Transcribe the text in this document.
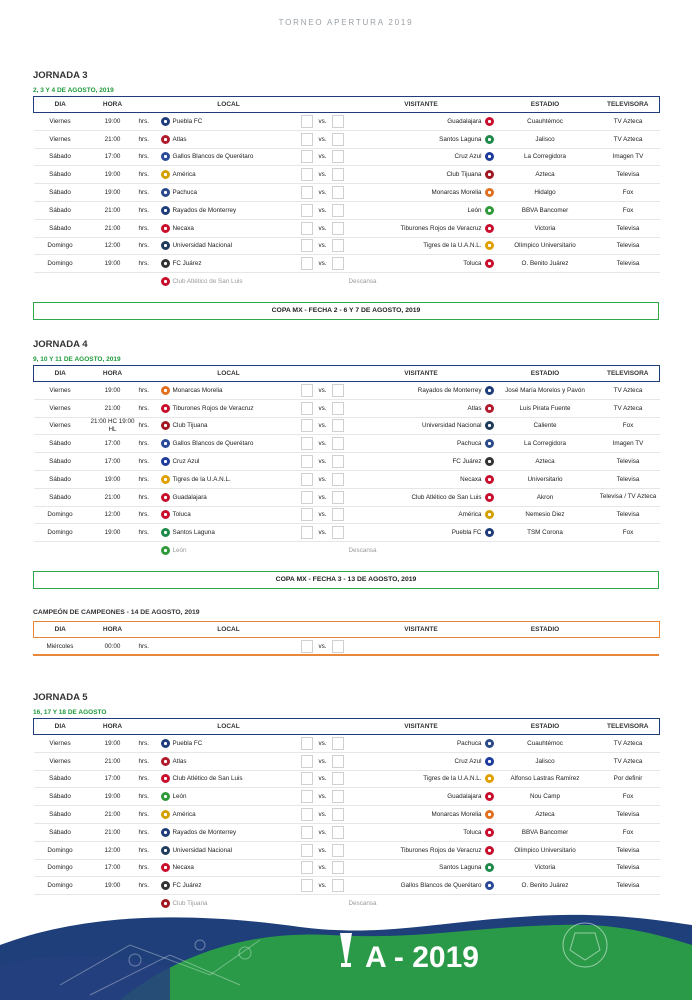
TORNEO APERTURA 2019
JORNADA 3
2, 3 Y 4 DE AGOSTO, 2019
DIA	HORA		LOCAL		VISITANTE	ESTADIO	TELEVISORA
Viernes	19:00	hrs.	Puebla FC	vs.	Guadalajara	Cuauhtémoc	TV Azteca
Viernes	21:00	hrs.	Atlas	vs.	Santos Laguna	Jalisco	TV Azteca
Sábado	17:00	hrs.	Gallos Blancos de Querétaro	vs.	Cruz Azul	La Corregidora	Imagen TV
Sábado	19:00	hrs.	América	vs.	Club Tijuana	Azteca	Televisa
Sábado	19:00	hrs.	Pachuca	vs.	Monarcas Morelia	Hidalgo	Fox
Sábado	21:00	hrs.	Rayados de Monterrey	vs.	León	BBVA Bancomer	Fox
Sábado	21:00	hrs.	Necaxa	vs.	Tiburones Rojos de Veracruz	Victoria	Televisa
Domingo	12:00	hrs.	Universidad Nacional	vs.	Tigres de la U.A.N.L.	Olímpico Universitario	Televisa
Domingo	19:00	hrs.	FC Juárez	vs.	Toluca	O. Benito Juárez	Televisa
			Club Atlético de San Luis		Descansa		
COPA MX - FECHA 2 - 6 Y 7 DE AGOSTO, 2019
JORNADA 4
9, 10 Y 11 DE AGOSTO, 2019
DIA	HORA		LOCAL		VISITANTE	ESTADIO	TELEVISORA
Viernes	19:00	hrs.	Monarcas Morelia	vs.	Rayados de Monterrey	José María Morelos y Pavón	TV Azteca
Viernes	21:00	hrs.	Tiburones Rojos de Veracruz	vs.	Atlas	Luis Pirata Fuente	TV Azteca
Viernes	21:00 HC 19:00 HL	hrs.	Club Tijuana	vs.	Universidad Nacional	Caliente	Fox
Sábado	17:00	hrs.	Gallos Blancos de Querétaro	vs.	Pachuca	La Corregidora	Imagen TV
Sábado	17:00	hrs.	Cruz Azul	vs.	FC Juárez	Azteca	Televisa
Sábado	19:00	hrs.	Tigres de la U.A.N.L.	vs.	Necaxa	Universitario	Televisa
Sábado	21:00	hrs.	Guadalajara	vs.	Club Atlético de San Luis	Akron	Televisa / TV Azteca
Domingo	12:00	hrs.	Toluca	vs.	América	Nemesio Diez	Televisa
Domingo	19:00	hrs.	Santos Laguna	vs.	Puebla FC	TSM Corona	Fox
			León		Descansa		
COPA MX - FECHA 3 - 13 DE AGOSTO, 2019
CAMPEÓN DE CAMPEONES - 14 DE AGOSTO, 2019
DIA	HORA		LOCAL		VISITANTE	ESTADIO	
Miércoles	00:00	hrs.		vs.			
JORNADA 5
16, 17 Y 18 DE AGOSTO
DIA	HORA		LOCAL		VISITANTE	ESTADIO	TELEVISORA
Viernes	19:00	hrs.	Puebla FC	vs.	Pachuca	Cuauhtémoc	TV Azteca
Viernes	21:00	hrs.	Atlas	vs.	Cruz Azul	Jalisco	TV Azteca
Sábado	17:00	hrs.	Club Atlético de San Luis	vs.	Tigres de la U.A.N.L.	Alfonso Lastras Ramírez	Por definir
Sábado	19:00	hrs.	León	vs.	Guadalajara	Nou Camp	Fox
Sábado	21:00	hrs.	América	vs.	Monarcas Morelia	Azteca	Televisa
Sábado	21:00	hrs.	Rayados de Monterrey	vs.	Toluca	BBVA Bancomer	Fox
Domingo	12:00	hrs.	Universidad Nacional	vs.	Tiburones Rojos de Veracruz	Olímpico Universitario	Televisa
Domingo	17:00	hrs.	Necaxa	vs.	Santos Laguna	Victoria	Televisa
Domingo	19:00	hrs.	FC Juárez	vs.	Gallos Blancos de Querétaro	O. Benito Juárez	Televisa
			Club Tijuana		Descansa		
A - 2019
